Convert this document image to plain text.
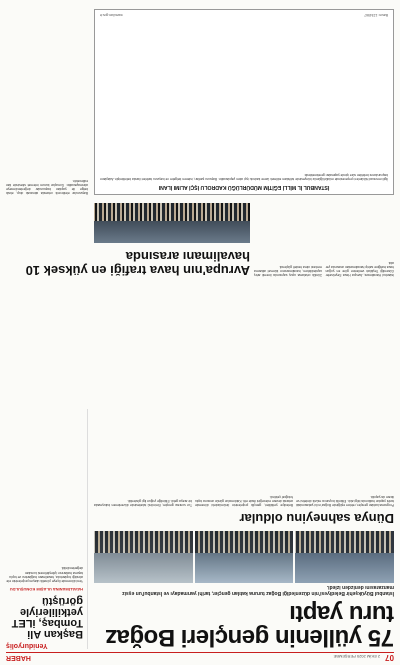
07
2 EKİM 2025 PERŞEMBE
HABER
75 yüllenin gençleri Boğaz turu yaptı
İstanbul Büyükşehir Belediyesi'nin düzenlediği Boğaz turuna katılan gençler, tarihi yarımadayı ve İstanbul'un eşsiz manzarasını denizden izledi.
Yeniduryoliş
Başkan Ali Tombaş, iLET yetkilileriyle görüştü
HAVALİMANINA ULAŞIM KONUŞULDU
Yeni dönemde ilçeye yönelik ulaşım projelerinin ele alındığı toplantıda, havalimanı bağlantısı ve toplu taşıma hatlarının iyileştirilmesi konuları değerlendirildi.
Dünya sahneyinu oldular
Programa katılan gençler, rehber eşliğinde Boğaz'ın iki yakasındaki tarihi yapılar hakkında bilgi aldı. Etkinlik boyunca müzik dinletisi ve ikram da yapıldı.
Belediye yetkilileri, gençlik projelerinin önümüzdeki dönemde artarak devam edeceğini ifade etti. Katılımcılar günün anısına toplu fotoğraf çektirdi.
Tur sonrası gençler, Eminönü iskelesinde düzenlenen buluşmada bir araya geldi. Etkinliğe yoğun ilgi gösterildi.
Avrupa'nın hava trafiği en yüksek 10 havalimanı arasında
İstanbul Havalimanı, Avrupa Hava Seyrüsefer Güvenliği Teşkilatı verilerine göre en yoğun hava trafiğine sahip havalimanları arasında yer aldı.
Günlük ortalama uçuş sayısında önemli artış kaydedilirken, havalimanının küresel aktarma merkezi olma hedefi güçlendi.
İSTANBUL İL MİLLİ EĞİTİM MÜDÜRLÜĞÜ KADROLU İŞÇİ ALIMI İLANI
İlgili mevzuat hükümleri çerçevesinde müdürlüğümüz bünyesinde istihdam edilmek üzere kadrolu işçi alımı yapılacaktır. Başvuru şartları, istenen belgeler ve başvuru tarihleri ilanda belirtilmiştir. Adayların başvurularını belirtilen süre içinde yapmaları gerekmektedir.
Basın: 1234567
www.ilan.gov.tr
Başvurular elektronik ortamda alınacak olup, eksik belge ile yapılan başvurular değerlendirmeye alınmayacaktır. Sonuçlar kurum internet sitesinde ilan edilecektir.
